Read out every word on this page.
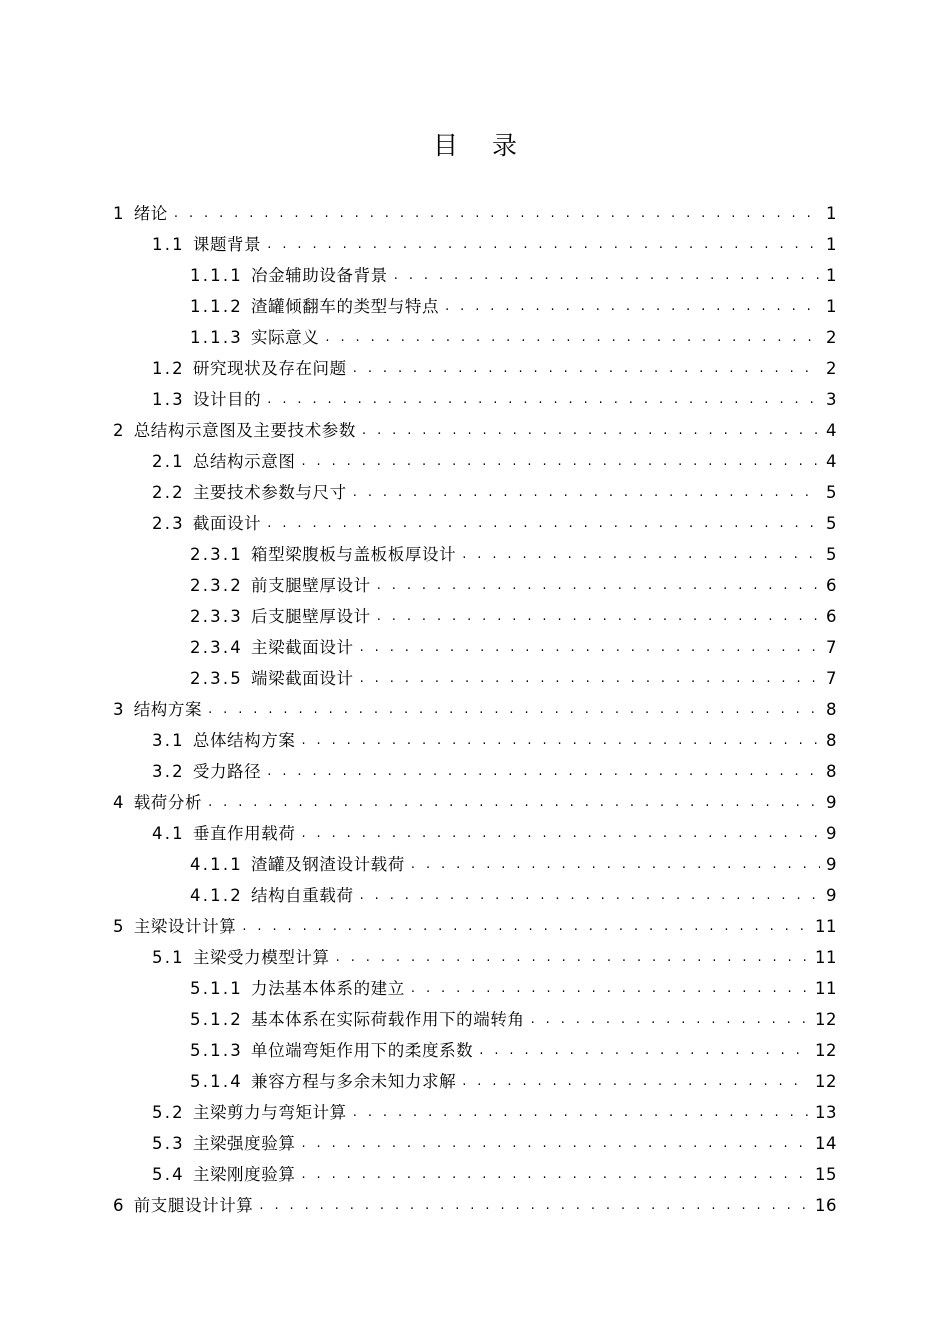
目 录
1 绪论 . . .	1
1.1 课题背景 . . .	1
1.1.1 冶金辅助设备背景 . . .	1
1.1.2 渣罐倾翻车的类型与特点 . . .	1
1.1.3 实际意义 . . .	2
1.2 研究现状及存在问题 . . .	2
1.3 设计目的 . . .	3
2 总结构示意图及主要技术参数 . . .	4
2.1 总结构示意图 . . .	4
2.2 主要技术参数与尺寸 . . .	5
2.3 截面设计 . . .	5
2.3.1 箱型梁腹板与盖板板厚设计 . . .	5
2.3.2 前支腿壁厚设计 . . .	6
2.3.3 后支腿壁厚设计 . . .	6
2.3.4 主梁截面设计 . . .	7
2.3.5 端梁截面设计 . . .	7
3 结构方案 . . .	8
3.1 总体结构方案 . . .	8
3.2 受力路径 . . .	8
4 载荷分析 . . .	9
4.1 垂直作用载荷 . . .	9
4.1.1 渣罐及钢渣设计载荷 . . .	9
4.1.2 结构自重载荷 . . .	9
5 主梁设计计算 . . .	11
5.1 主梁受力模型计算 . . .	11
5.1.1 力法基本体系的建立 . . .	11
5.1.2 基本体系在实际荷载作用下的端转角 . . .	12
5.1.3 单位端弯矩作用下的柔度系数 . . .	12
5.1.4 兼容方程与多余未知力求解 . . .	12
5.2 主梁剪力与弯矩计算 . . .	13
5.3 主梁强度验算 . . .	14
5.4 主梁刚度验算 . . .	15
6 前支腿设计计算 . . .	16
